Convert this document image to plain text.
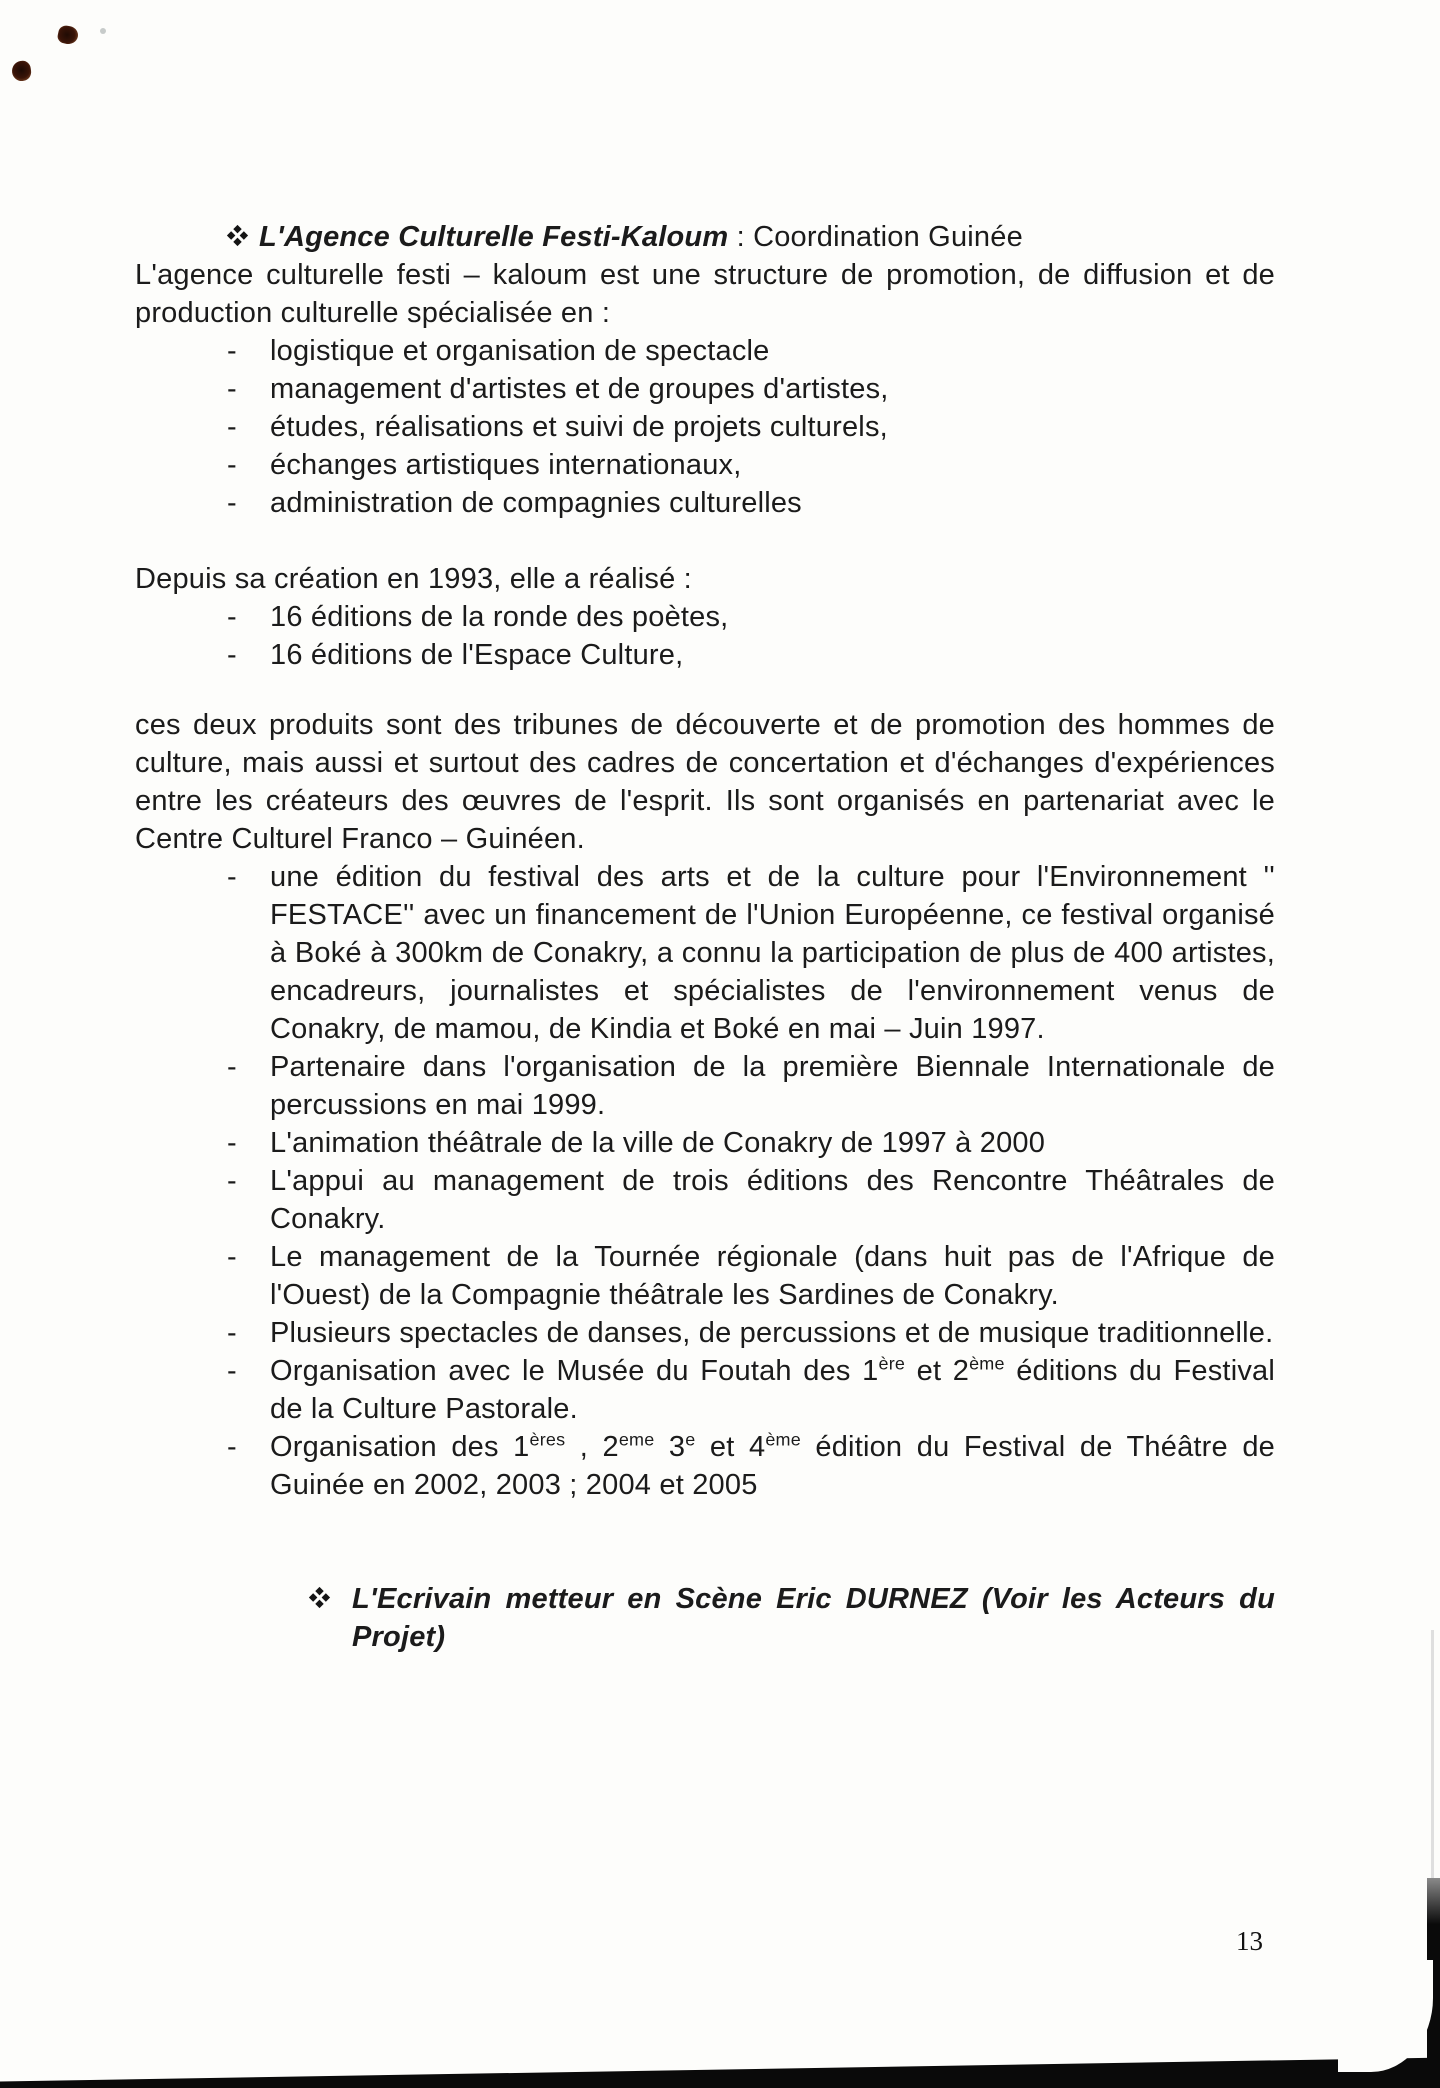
L'Agence Culturelle Festi-Kaloum : Coordination Guinée

L'agence culturelle festi – kaloum est une structure de promotion, de diffusion et de production culturelle spécialisée en :

- logistique et organisation de spectacle
- management d'artistes et de groupes d'artistes,
- études, réalisations et suivi de projets culturels,
- échanges artistiques internationaux,
- administration de compagnies culturelles

Depuis sa création en 1993, elle a réalisé :

- 16 éditions de la ronde des poètes,
- 16 éditions de l'Espace Culture,

ces deux produits sont des tribunes de découverte et de promotion des hommes de culture, mais aussi et surtout des cadres de concertation et d'échanges d'expériences entre les créateurs des œuvres de l'esprit. Ils sont organisés en partenariat avec le Centre Culturel Franco – Guinéen.

- une édition du festival des arts et de la culture pour l'Environnement '' FESTACE'' avec un financement de l'Union Européenne, ce festival organisé à Boké à 300km de Conakry, a connu la participation de plus de 400 artistes, encadreurs, journalistes et spécialistes de l'environnement venus de Conakry, de mamou, de Kindia et Boké en mai – Juin 1997.
- Partenaire dans l'organisation de la première Biennale Internationale de percussions en mai 1999.
- L'animation théâtrale de la ville de Conakry de 1997 à 2000
- L'appui au management de trois éditions des Rencontre Théâtrales de Conakry.
- Le management de la Tournée régionale (dans huit pas de l'Afrique de l'Ouest) de la Compagnie théâtrale les Sardines de Conakry.
- Plusieurs spectacles de danses, de percussions et de musique traditionnelle.
- Organisation avec le Musée du Foutah des 1ère et 2ème éditions du Festival de la Culture Pastorale.
- Organisation des 1ères , 2eme 3e et 4ème édition du Festival de Théâtre de Guinée en 2002, 2003 ; 2004 et 2005
L'Ecrivain metteur en Scène Eric DURNEZ (Voir les Acteurs du Projet)
13
